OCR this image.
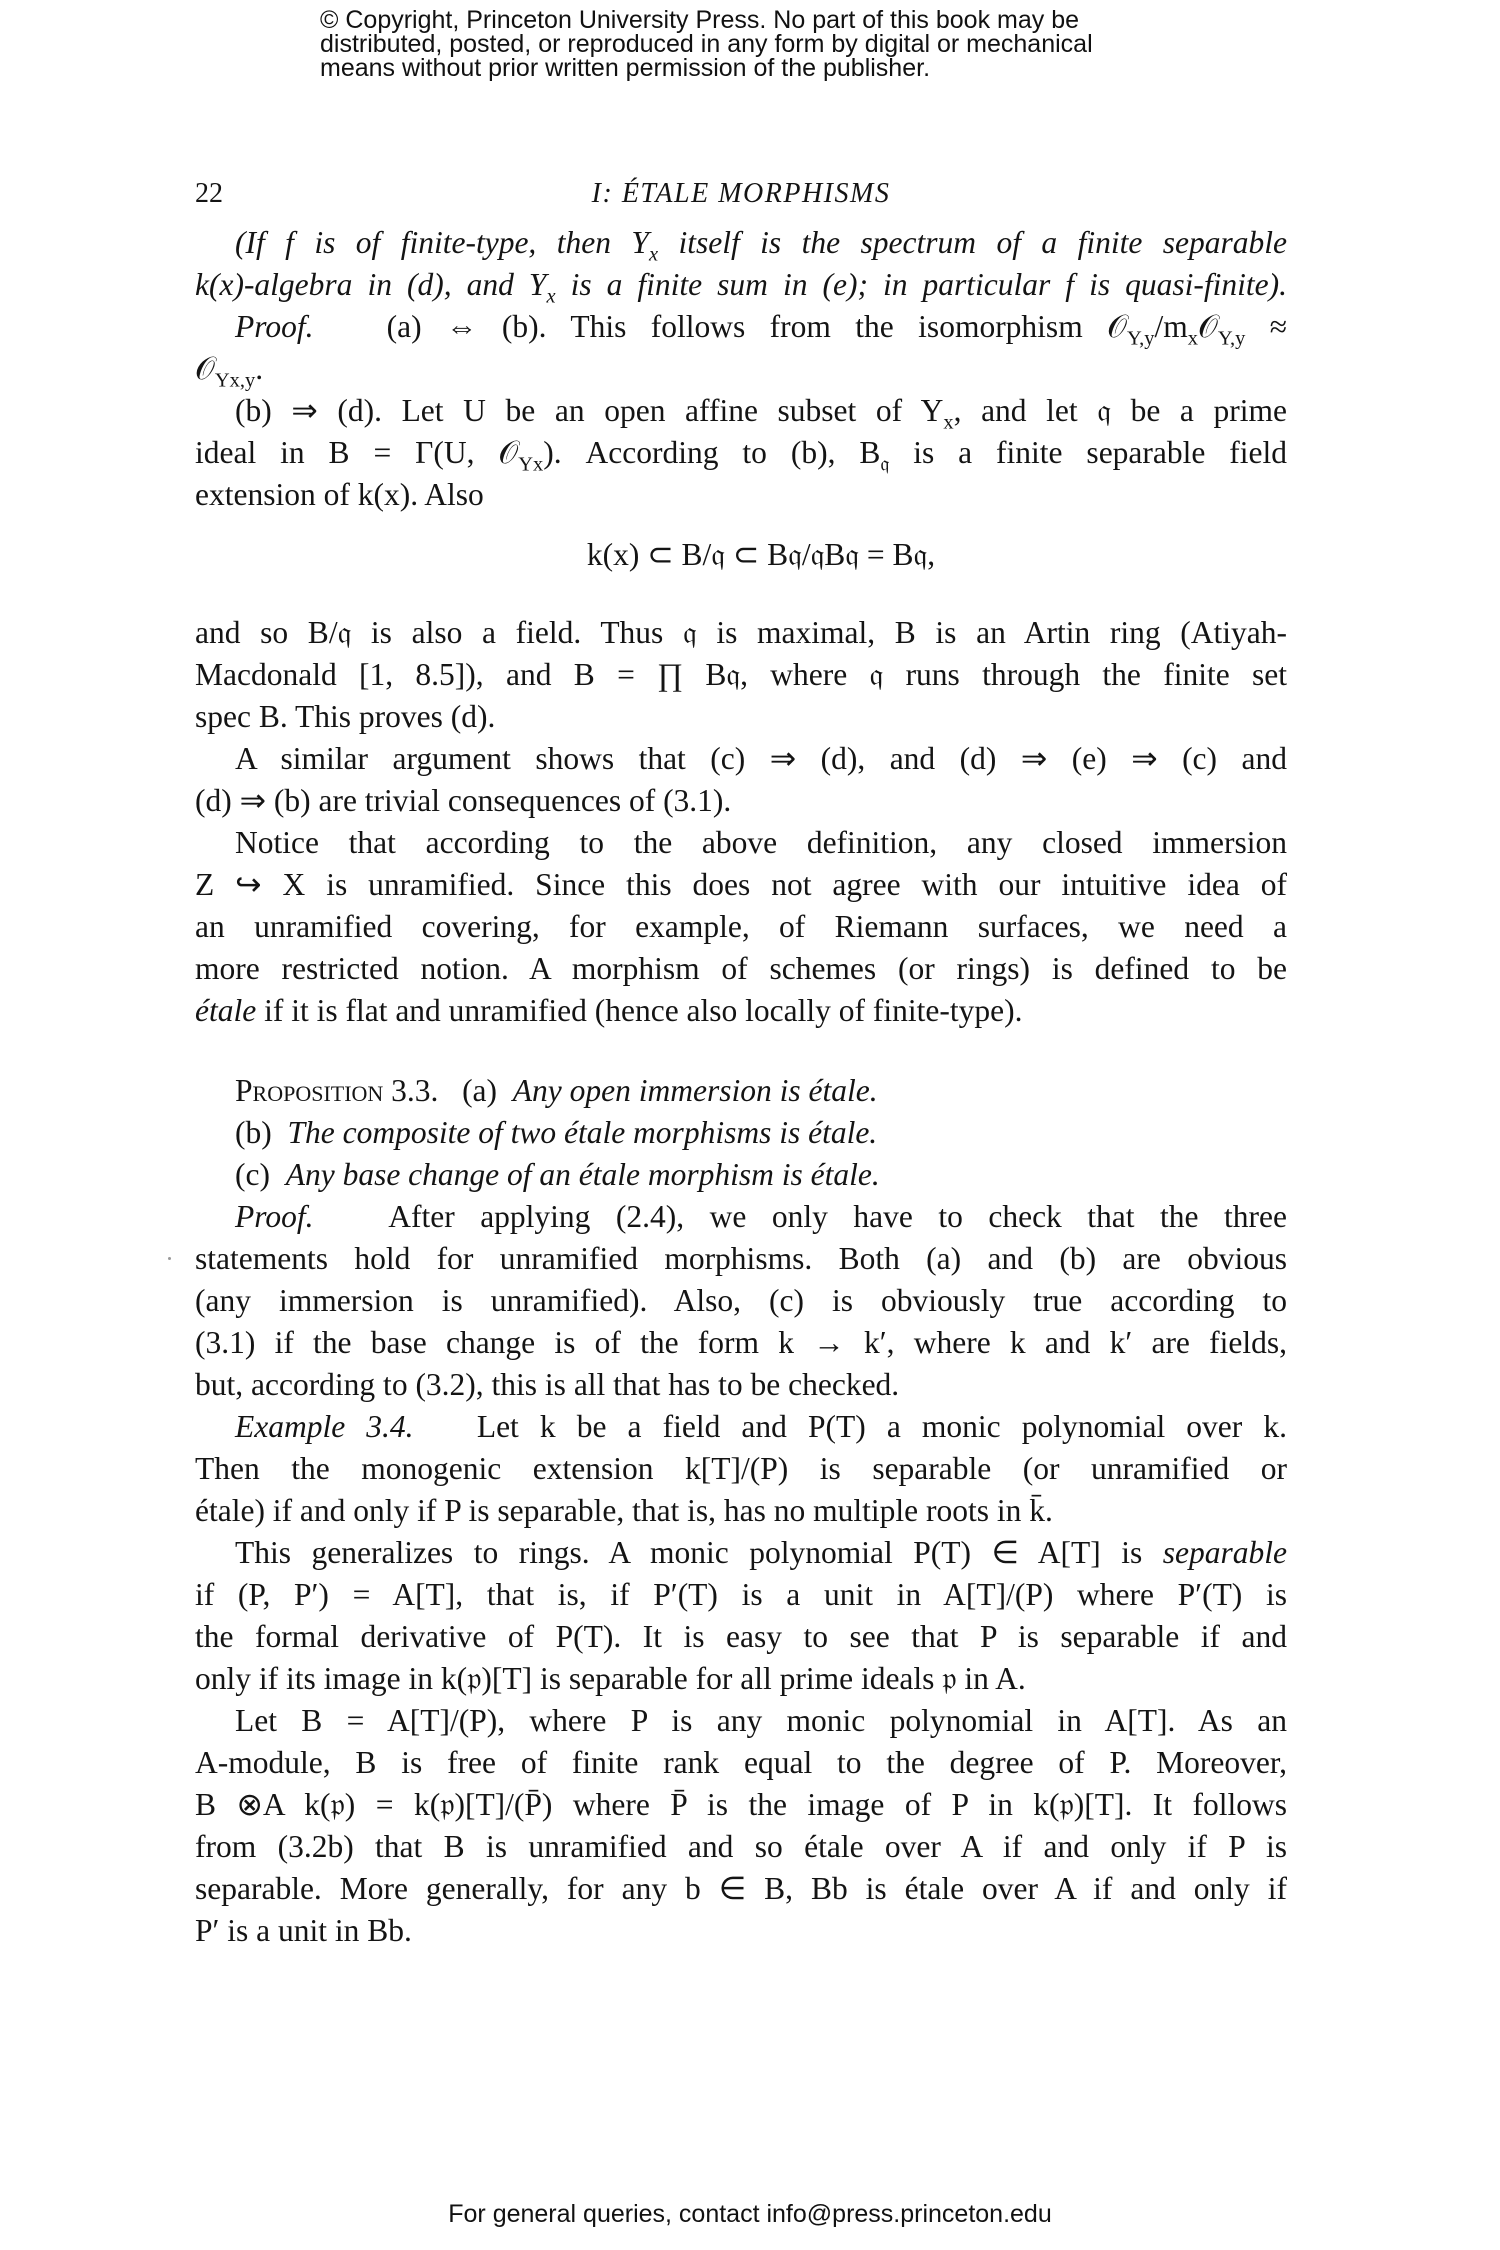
© Copyright, Princeton University Press. No part of this book may be
distributed, posted, or reproduced in any form by digital or mechanical
means without prior written permission of the publisher.
22	I: ÉTALE MORPHISMS
(If f is of finite-type, then $Y_x$ itself is the spectrum of a finite separable
k(x)-algebra in (d), and $Y_x$ is a finite sum in (e); in particular f is quasi-finite).
Proof. (a) ⇔ (b). This follows from the isomorphism $𝒪_{Y,y}/m_x𝒪_{Y,y}$ ≈
𝒪$_{Yx,y}$.
(b) ⇒ (d). Let U be an open affine subset of $Y_x$, and let 𝔮 be a prime
ideal in B = Γ(U, 𝒪$_{Yx}$). According to (b), $B_𝔮$ is a finite separable field
extension of k(x). Also
k(x) ⊂ B/𝔮 ⊂ B𝔮/𝔮B𝔮 = B𝔮,
and so B/𝔮 is also a field. Thus 𝔮 is maximal, B is an Artin ring (Atiyah-
Macdonald [1, 8.5]), and B = ∏ B𝔮, where 𝔮 runs through the finite set
spec B. This proves (d).
A similar argument shows that (c) ⇒ (d), and (d) ⇒ (e) ⇒ (c) and
(d) ⇒ (b) are trivial consequences of (3.1).
Notice that according to the above definition, any closed immersion
Z ↪ X is unramified. Since this does not agree with our intuitive idea of
an unramified covering, for example, of Riemann surfaces, we need a
more restricted notion. A morphism of schemes (or rings) is defined to be
étale if it is flat and unramified (hence also locally of finite-type).
Proposition 3.3. (a) Any open immersion is étale.
(b) The composite of two étale morphisms is étale.
(c) Any base change of an étale morphism is étale.
Proof. After applying (2.4), we only have to check that the three
statements hold for unramified morphisms. Both (a) and (b) are obvious
(any immersion is unramified). Also, (c) is obviously true according to
(3.1) if the base change is of the form k → k′, where k and k′ are fields,
but, according to (3.2), this is all that has to be checked.
Example 3.4. Let k be a field and P(T) a monic polynomial over k.
Then the monogenic extension k[T]/(P) is separable (or unramified or
étale) if and only if P is separable, that is, has no multiple roots in k̄.
This generalizes to rings. A monic polynomial P(T) ∈ A[T] is separable
if (P, P′) = A[T], that is, if P′(T) is a unit in A[T]/(P) where P′(T) is
the formal derivative of P(T). It is easy to see that P is separable if and
only if its image in k(𝔭)[T] is separable for all prime ideals 𝔭 in A.
Let B = A[T]/(P), where P is any monic polynomial in A[T]. As an
A-module, B is free of finite rank equal to the degree of P. Moreover,
B ⊗A k(𝔭) = k(𝔭)[T]/(P̄) where P̄ is the image of P in k(𝔭)[T]. It follows
from (3.2b) that B is unramified and so étale over A if and only if P is
separable. More generally, for any b ∈ B, Bb is étale over A if and only if
P′ is a unit in Bb.
For general queries, contact info@press.princeton.edu
